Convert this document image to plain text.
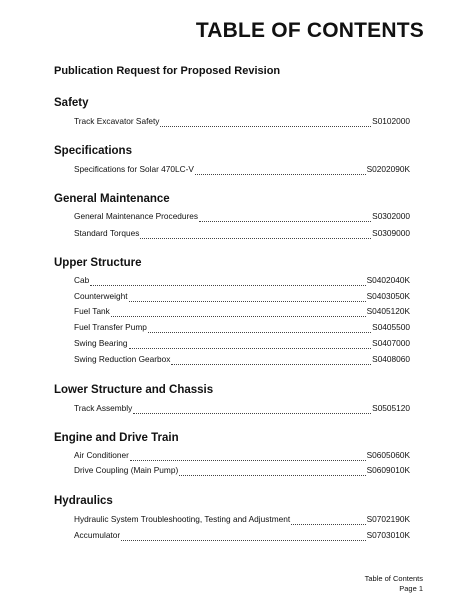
TABLE OF CONTENTS
Publication Request for Proposed Revision
Safety
Track Excavator Safety	S0102000
Specifications
Specifications for Solar 470LC-V	S0202090K
General Maintenance
General Maintenance Procedures	S0302000
Standard Torques	S0309000
Upper Structure
Cab	S0402040K
Counterweight	S0403050K
Fuel Tank	S0405120K
Fuel Transfer Pump	S0405500
Swing Bearing	S0407000
Swing Reduction Gearbox	S0408060
Lower Structure and Chassis
Track Assembly	S0505120
Engine and Drive Train
Air Conditioner	S0605060K
Drive Coupling (Main Pump)	S0609010K
Hydraulics
Hydraulic System Troubleshooting, Testing and Adjustment	S0702190K
Accumulator	S0703010K
Table of Contents
Page 1
